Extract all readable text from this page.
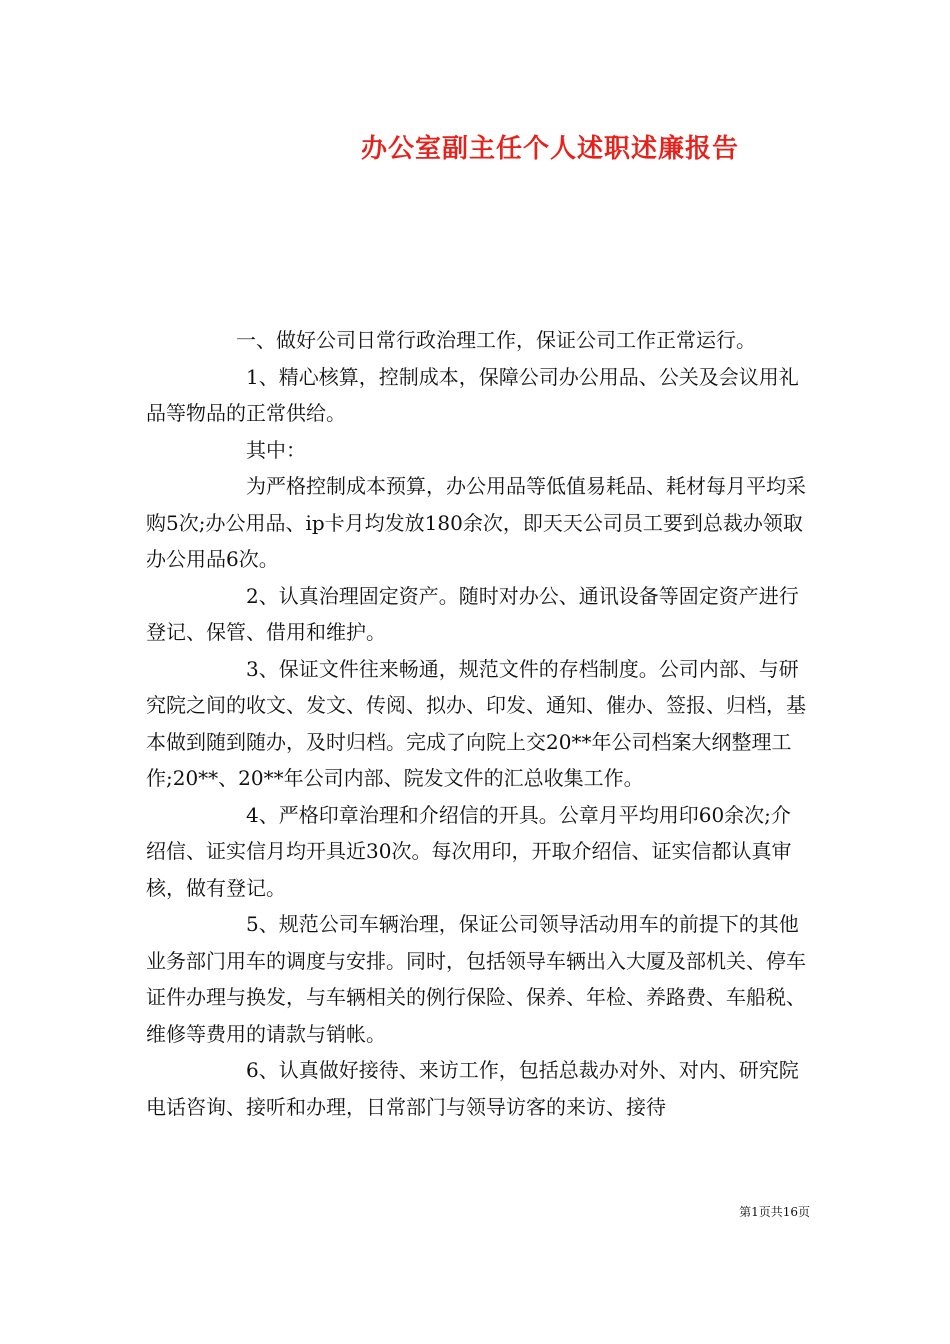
办公室副主任个人述职述廉报告

一、做好公司日常行政治理工作，保证公司工作正常运行。

1、精心核算，控制成本，保障公司办公用品、公关及会议用礼品等物品的正常供给。

其中：

为严格控制成本预算，办公用品等低值易耗品、耗材每月平均采购5次;办公用品、ip卡月均发放180余次，即天天公司员工要到总裁办领取办公用品6次。

2、认真治理固定资产。随时对办公、通讯设备等固定资产进行登记、保管、借用和维护。

3、保证文件往来畅通，规范文件的存档制度。公司内部、与研究院之间的收文、发文、传阅、拟办、印发、通知、催办、签报、归档，基本做到随到随办，及时归档。完成了向院上交20**年公司档案大纲整理工作;20**、20**年公司内部、院发文件的汇总收集工作。

4、严格印章治理和介绍信的开具。公章月平均用印60余次;介绍信、证实信月均开具近30次。每次用印，开取介绍信、证实信都认真审核，做有登记。

5、规范公司车辆治理，保证公司领导活动用车的前提下的其他业务部门用车的调度与安排。同时，包括领导车辆出入大厦及部机关、停车证件办理与换发，与车辆相关的例行保险、保养、年检、养路费、车船税、维修等费用的请款与销帐。

6、认真做好接待、来访工作，包括总裁办对外、对内、研究院电话咨询、接听和办理，日常部门与领导访客的来访、接待

第1页共16页
